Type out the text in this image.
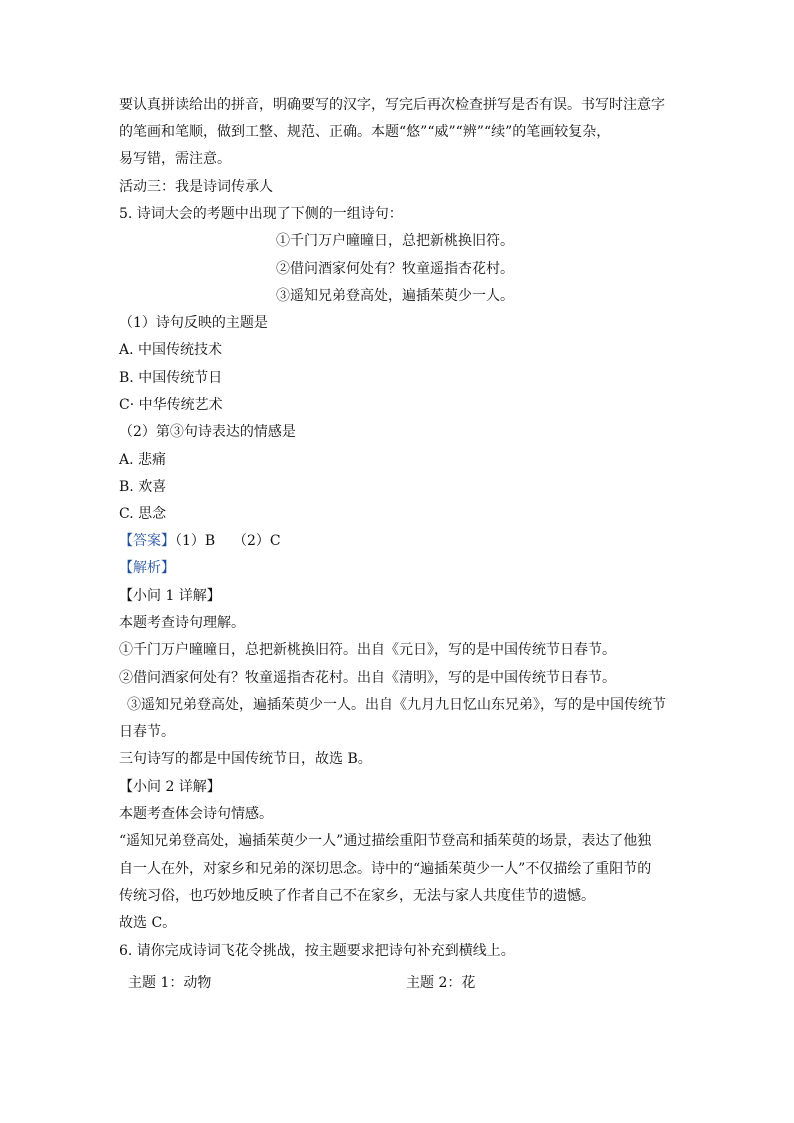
要认真拼读给出的拼音，明确要写的汉字，写完后再次检查拼写是否有误。书写时注意字
的笔画和笔顺，做到工整、规范、正确。本题“悠”“威”“辨”“续”的笔画较复杂，
易写错，需注意。
活动三：我是诗词传承人
5. 诗词大会的考题中出现了下侧的一组诗句：
①千门万户曈曈日，总把新桃换旧符。
②借问酒家何处有？牧童遥指杏花村。
③遥知兄弟登高处，遍插茱萸少一人。
（1）诗句反映的主题是
A. 中国传统技术
B. 中国传统节日
C· 中华传统艺术
（2）第③句诗表达的情感是
A. 悲痛
B. 欢喜
C. 思念
【答案】（1）B    （2）C
【解析】
【小问 1 详解】
本题考查诗句理解。
①千门万户曈曈日，总把新桃换旧符。出自《元日》，写的是中国传统节日春节。
②借问酒家何处有？牧童遥指杏花村。出自《清明》，写的是中国传统节日春节。
③遥知兄弟登高处，遍插茱萸少一人。出自《九月九日忆山东兄弟》，写的是中国传统节
日春节。
三句诗写的都是中国传统节日，故选 B。
【小问 2 详解】
本题考查体会诗句情感。
“遥知兄弟登高处，遍插茱萸少一人”通过描绘重阳节登高和插茱萸的场景，表达了他独
自一人在外，对家乡和兄弟的深切思念。诗中的“遍插茱萸少一人”不仅描绘了重阳节的
传统习俗，也巧妙地反映了作者自己不在家乡，无法与家人共度佳节的遗憾。
故选 C。
6. 请你完成诗词飞花令挑战，按主题要求把诗句补充到横线上。
主题 1：动物	主题 2：花
